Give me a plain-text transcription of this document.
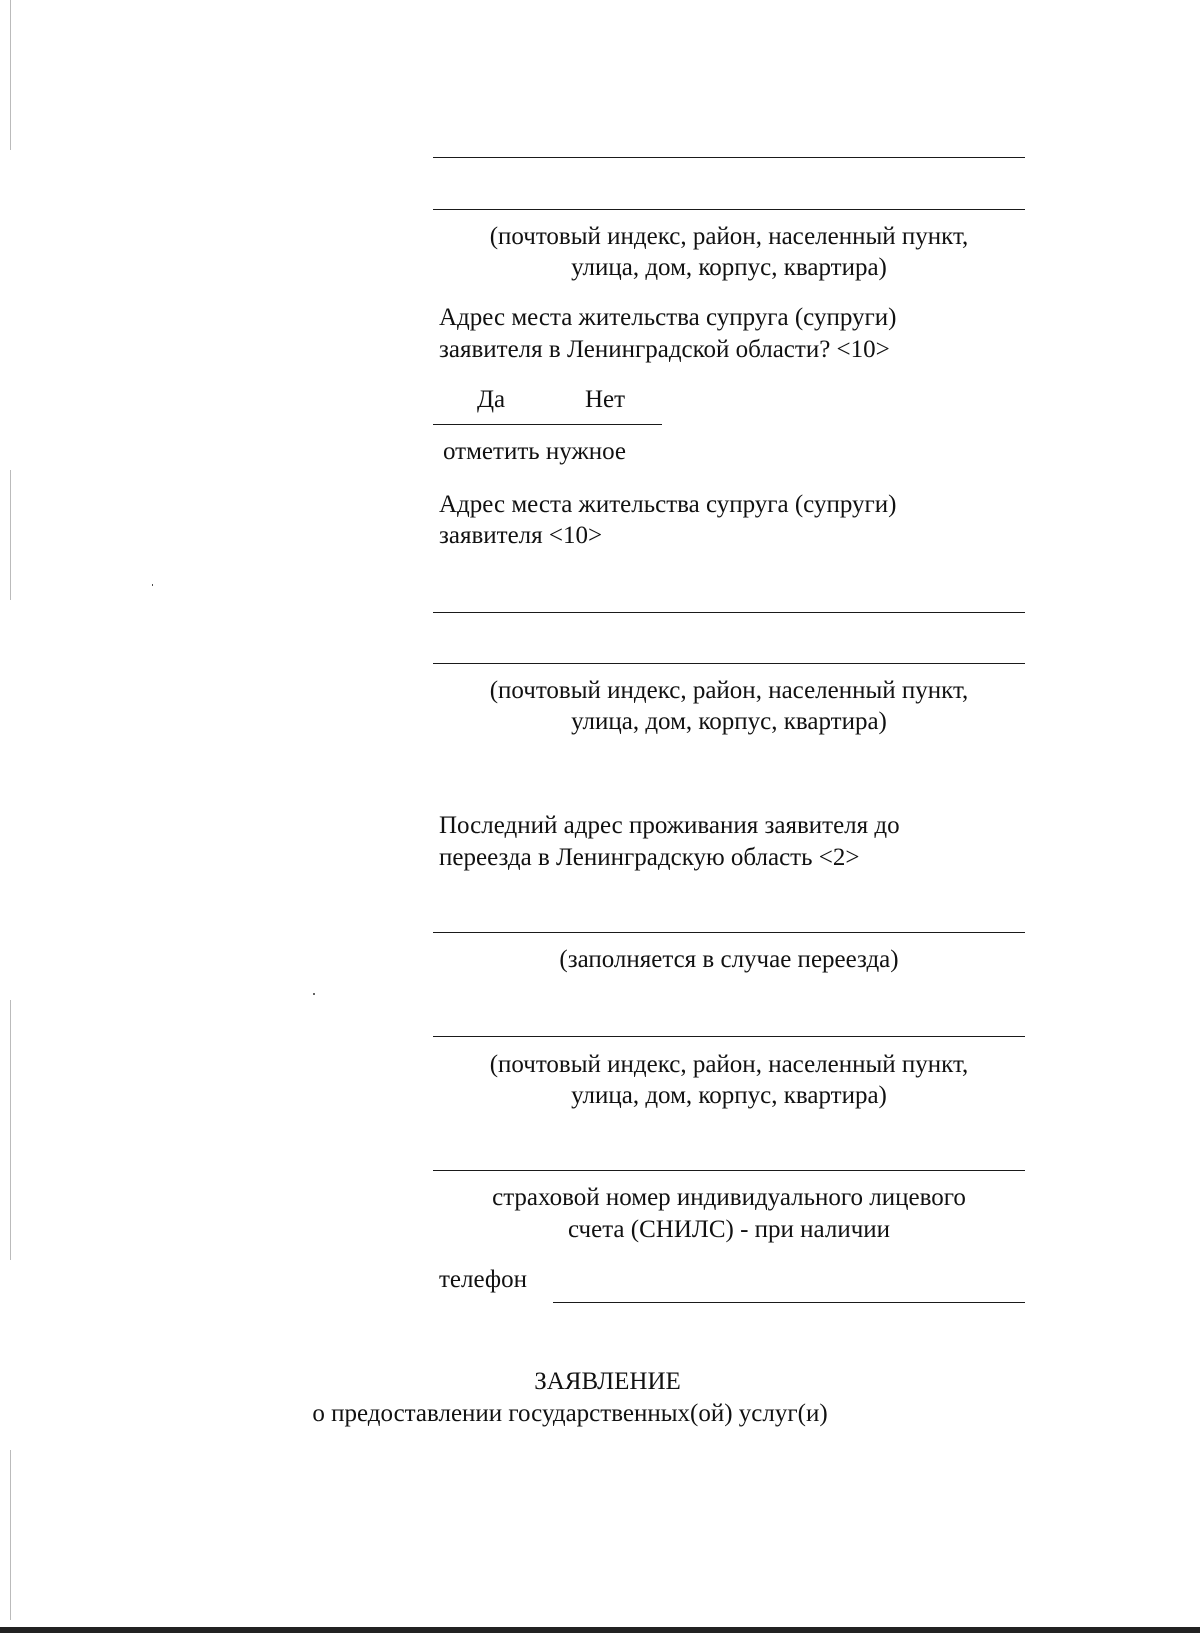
(почтовый индекс, район, населенный пункт,
улица, дом, корпус, квартира)
Адрес места жительства супруга (супруги)
заявителя в Ленинградской области? <10>
Да	Нет
отметить нужное
Адрес места жительства супруга (супруги)
заявителя <10>
(почтовый индекс, район, населенный пункт,
улица, дом, корпус, квартира)
Последний адрес проживания заявителя до
переезда в Ленинградскую область <2>
(заполняется в случае переезда)
(почтовый индекс, район, населенный пункт,
улица, дом, корпус, квартира)
страховой номер индивидуального лицевого
счета (СНИЛС) - при наличии
телефон
ЗАЯВЛЕНИЕ
о предоставлении государственных(ой) услуг(и)
